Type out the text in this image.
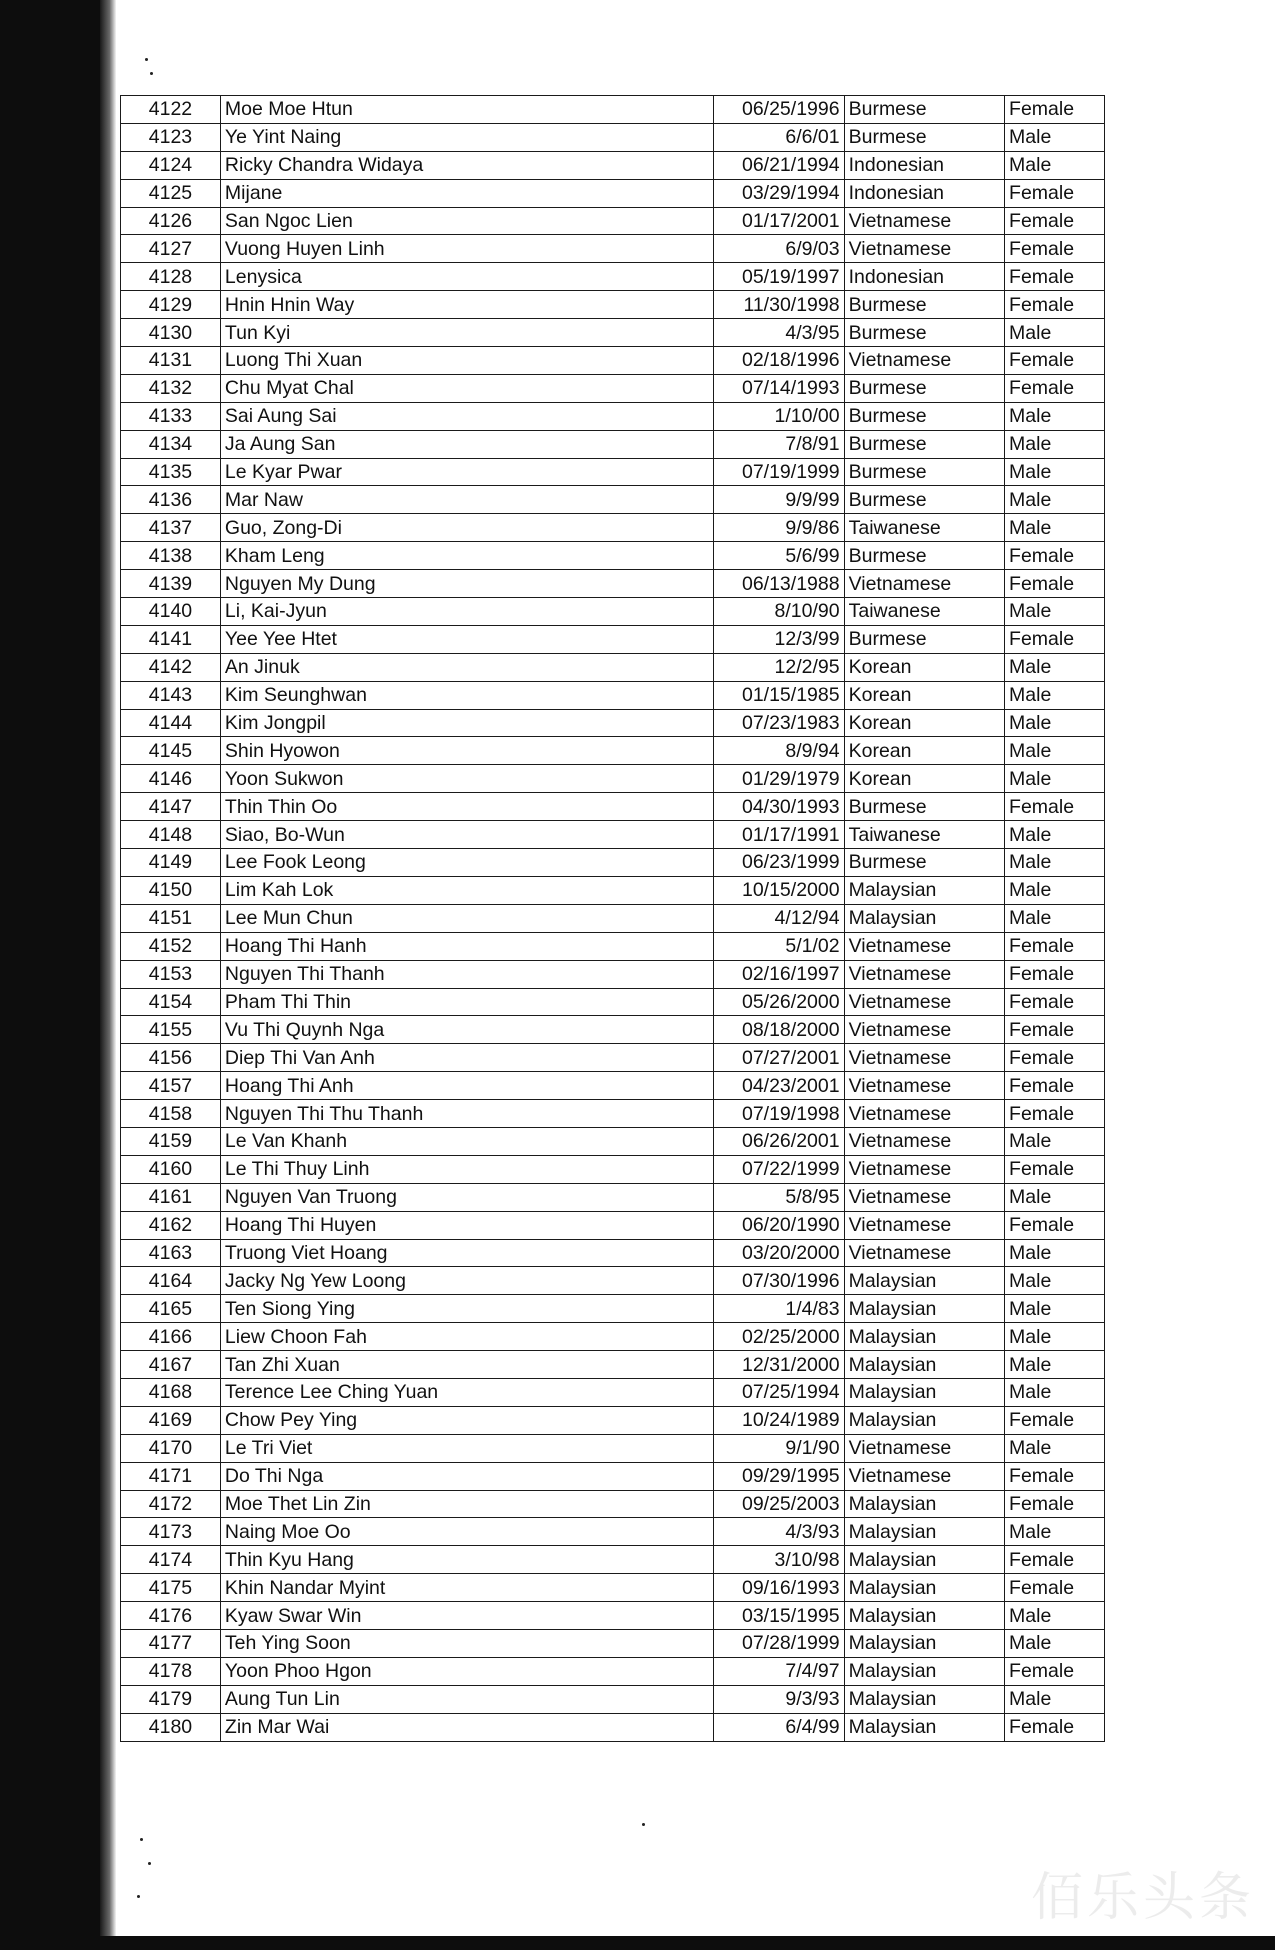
4122	Moe Moe Htun	06/25/1996	Burmese	Female
4123	Ye Yint Naing	6/6/01	Burmese	Male
4124	Ricky Chandra Widaya	06/21/1994	Indonesian	Male
4125	Mijane	03/29/1994	Indonesian	Female
4126	San Ngoc Lien	01/17/2001	Vietnamese	Female
4127	Vuong Huyen Linh	6/9/03	Vietnamese	Female
4128	Lenysica	05/19/1997	Indonesian	Female
4129	Hnin Hnin Way	11/30/1998	Burmese	Female
4130	Tun Kyi	4/3/95	Burmese	Male
4131	Luong Thi Xuan	02/18/1996	Vietnamese	Female
4132	Chu Myat Chal	07/14/1993	Burmese	Female
4133	Sai Aung Sai	1/10/00	Burmese	Male
4134	Ja Aung San	7/8/91	Burmese	Male
4135	Le Kyar Pwar	07/19/1999	Burmese	Male
4136	Mar Naw	9/9/99	Burmese	Male
4137	Guo, Zong-Di	9/9/86	Taiwanese	Male
4138	Kham Leng	5/6/99	Burmese	Female
4139	Nguyen My Dung	06/13/1988	Vietnamese	Female
4140	Li, Kai-Jyun	8/10/90	Taiwanese	Male
4141	Yee Yee Htet	12/3/99	Burmese	Female
4142	An Jinuk	12/2/95	Korean	Male
4143	Kim Seunghwan	01/15/1985	Korean	Male
4144	Kim Jongpil	07/23/1983	Korean	Male
4145	Shin Hyowon	8/9/94	Korean	Male
4146	Yoon Sukwon	01/29/1979	Korean	Male
4147	Thin Thin Oo	04/30/1993	Burmese	Female
4148	Siao, Bo-Wun	01/17/1991	Taiwanese	Male
4149	Lee Fook Leong	06/23/1999	Burmese	Male
4150	Lim Kah Lok	10/15/2000	Malaysian	Male
4151	Lee Mun Chun	4/12/94	Malaysian	Male
4152	Hoang Thi Hanh	5/1/02	Vietnamese	Female
4153	Nguyen Thi Thanh	02/16/1997	Vietnamese	Female
4154	Pham Thi Thin	05/26/2000	Vietnamese	Female
4155	Vu Thi Quynh Nga	08/18/2000	Vietnamese	Female
4156	Diep Thi Van Anh	07/27/2001	Vietnamese	Female
4157	Hoang Thi Anh	04/23/2001	Vietnamese	Female
4158	Nguyen Thi Thu Thanh	07/19/1998	Vietnamese	Female
4159	Le Van Khanh	06/26/2001	Vietnamese	Male
4160	Le Thi Thuy Linh	07/22/1999	Vietnamese	Female
4161	Nguyen Van Truong	5/8/95	Vietnamese	Male
4162	Hoang Thi Huyen	06/20/1990	Vietnamese	Female
4163	Truong Viet Hoang	03/20/2000	Vietnamese	Male
4164	Jacky Ng Yew Loong	07/30/1996	Malaysian	Male
4165	Ten Siong Ying	1/4/83	Malaysian	Male
4166	Liew Choon Fah	02/25/2000	Malaysian	Male
4167	Tan Zhi Xuan	12/31/2000	Malaysian	Male
4168	Terence Lee Ching Yuan	07/25/1994	Malaysian	Male
4169	Chow Pey Ying	10/24/1989	Malaysian	Female
4170	Le Tri Viet	9/1/90	Vietnamese	Male
4171	Do Thi Nga	09/29/1995	Vietnamese	Female
4172	Moe Thet Lin Zin	09/25/2003	Malaysian	Female
4173	Naing Moe Oo	4/3/93	Malaysian	Male
4174	Thin Kyu Hang	3/10/98	Malaysian	Female
4175	Khin Nandar Myint	09/16/1993	Malaysian	Female
4176	Kyaw Swar Win	03/15/1995	Malaysian	Male
4177	Teh Ying Soon	07/28/1999	Malaysian	Male
4178	Yoon Phoo Hgon	7/4/97	Malaysian	Female
4179	Aung Tun Lin	9/3/93	Malaysian	Male
4180	Zin Mar Wai	6/4/99	Malaysian	Female
佰乐头条
